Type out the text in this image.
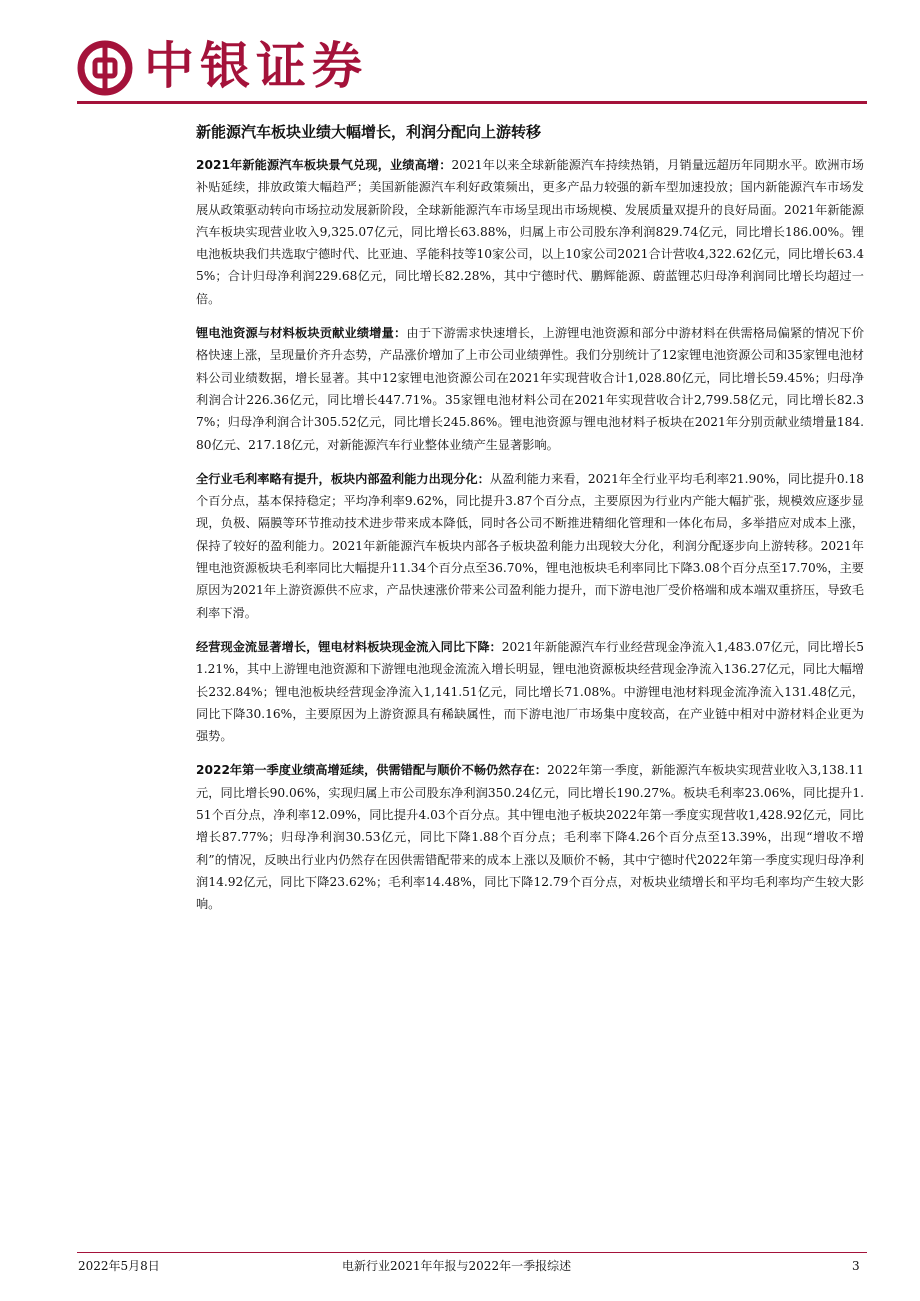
中银证券
新能源汽车板块业绩大幅增长，利润分配向上游转移

2021年新能源汽车板块景气兑现，业绩高增：2021年以来全球新能源汽车持续热销，月销量远超历年同期水平。欧洲市场补贴延续，排放政策大幅趋严；美国新能源汽车利好政策频出，更多产品力较强的新车型加速投放；国内新能源汽车市场发展从政策驱动转向市场拉动发展新阶段，全球新能源汽车市场呈现出市场规模、发展质量双提升的良好局面。2021年新能源汽车板块实现营业收入9,325.07亿元，同比增长63.88%，归属上市公司股东净利润829.74亿元，同比增长186.00%。锂电池板块我们共选取宁德时代、比亚迪、孚能科技等10家公司，以上10家公司2021合计营收4,322.62亿元，同比增长63.45%；合计归母净利润229.68亿元，同比增长82.28%，其中宁德时代、鹏辉能源、蔚蓝锂芯归母净利润同比增长均超过一倍。

锂电池资源与材料板块贡献业绩增量：由于下游需求快速增长，上游锂电池资源和部分中游材料在供需格局偏紧的情况下价格快速上涨，呈现量价齐升态势，产品涨价增加了上市公司业绩弹性。我们分别统计了12家锂电池资源公司和35家锂电池材料公司业绩数据，增长显著。其中12家锂电池资源公司在2021年实现营收合计1,028.80亿元，同比增长59.45%；归母净利润合计226.36亿元，同比增长447.71%。35家锂电池材料公司在2021年实现营收合计2,799.58亿元，同比增长82.37%；归母净利润合计305.52亿元，同比增长245.86%。锂电池资源与锂电池材料子板块在2021年分别贡献业绩增量184.80亿元、217.18亿元，对新能源汽车行业整体业绩产生显著影响。

全行业毛利率略有提升，板块内部盈利能力出现分化：从盈利能力来看，2021年全行业平均毛利率21.90%，同比提升0.18个百分点，基本保持稳定；平均净利率9.62%，同比提升3.87个百分点，主要原因为行业内产能大幅扩张，规模效应逐步显现，负极、隔膜等环节推动技术进步带来成本降低，同时各公司不断推进精细化管理和一体化布局，多举措应对成本上涨，保持了较好的盈利能力。2021年新能源汽车板块内部各子板块盈利能力出现较大分化，利润分配逐步向上游转移。2021年锂电池资源板块毛利率同比大幅提升11.34个百分点至36.70%，锂电池板块毛利率同比下降3.08个百分点至17.70%，主要原因为2021年上游资源供不应求，产品快速涨价带来公司盈利能力提升，而下游电池厂受价格端和成本端双重挤压，导致毛利率下滑。

经营现金流显著增长，锂电材料板块现金流入同比下降：2021年新能源汽车行业经营现金净流入1,483.07亿元，同比增长51.21%，其中上游锂电池资源和下游锂电池现金流流入增长明显，锂电池资源板块经营现金净流入136.27亿元，同比大幅增长232.84%；锂电池板块经营现金净流入1,141.51亿元，同比增长71.08%。中游锂电池材料现金流净流入131.48亿元，同比下降30.16%，主要原因为上游资源具有稀缺属性，而下游电池厂市场集中度较高，在产业链中相对中游材料企业更为强势。

2022年第一季度业绩高增延续，供需错配与顺价不畅仍然存在：2022年第一季度，新能源汽车板块实现营业收入3,138.11元，同比增长90.06%，实现归属上市公司股东净利润350.24亿元，同比增长190.27%。板块毛利率23.06%，同比提升1.51个百分点，净利率12.09%，同比提升4.03个百分点。其中锂电池子板块2022年第一季度实现营收1,428.92亿元，同比增长87.77%；归母净利润30.53亿元，同比下降1.88个百分点；毛利率下降4.26个百分点至13.39%，出现“增收不增利”的情况，反映出行业内仍然存在因供需错配带来的成本上涨以及顺价不畅，其中宁德时代2022年第一季度实现归母净利润14.92亿元，同比下降23.62%；毛利率14.48%，同比下降12.79个百分点，对板块业绩增长和平均毛利率均产生较大影响。

2022年5月8日	电新行业2021年年报与2022年一季报综述	3
